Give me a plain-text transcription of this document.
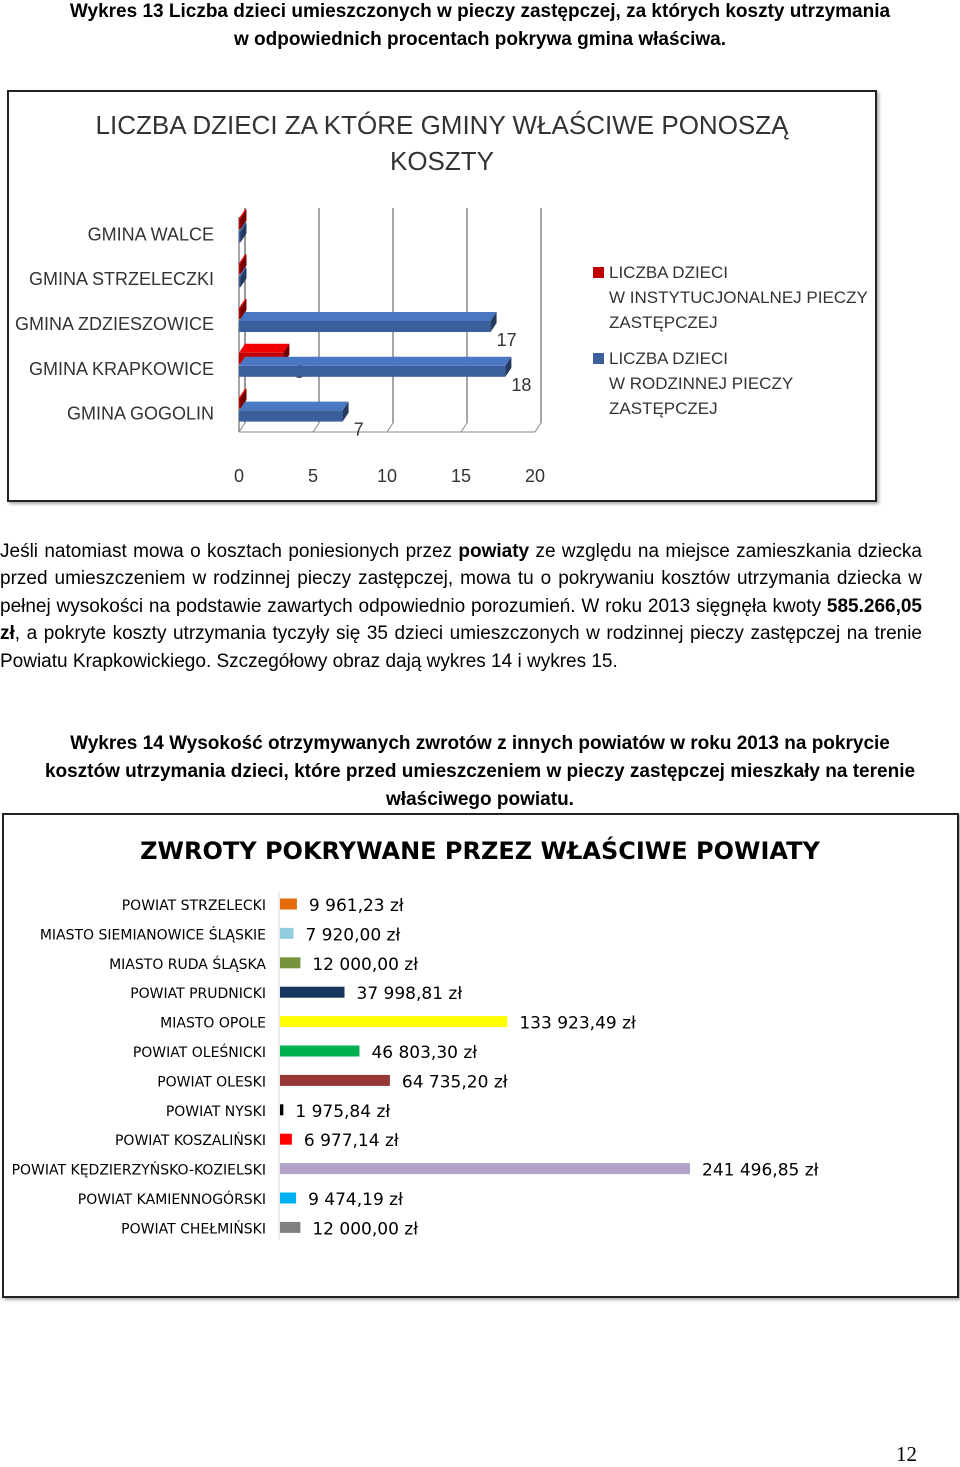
Wykres 13 Liczba dzieci umieszczonych w pieczy zastępczej, za których koszty utrzymania
w odpowiednich procentach pokrywa gmina właściwa.
LICZBA DZIECI ZA KTÓRE GMINY WŁAŚCIWE PONOSZĄ
KOSZTY
0	5	10	15	20
GMINA WALCE
GMINA STRZELECZKI
GMINA ZDZIESZOWICE
17
GMINA KRAPKOWICE
18
GMINA GOGOLIN
7
LICZBA DZIECI
W INSTYTUCJONALNEJ PIECZY
ZASTĘPCZEJ
LICZBA DZIECI
W RODZINNEJ PIECZY
ZASTĘPCZEJ
Jeśli natomiast mowa o kosztach poniesionych przez powiaty ze względu na miejsce zamieszkania dziecka przed umieszczeniem w rodzinnej pieczy zastępczej, mowa tu o pokrywaniu kosztów utrzymania dziecka w pełnej wysokości na podstawie zawartych odpowiednio porozumień. W roku 2013 sięgnęła kwoty 585.266,05 zł, a pokryte koszty utrzymania tyczyły się 35 dzieci umieszczonych w rodzinnej pieczy zastępczej na trenie Powiatu Krapkowickiego. Szczegółowy obraz dają wykres 14 i wykres 15.
Wykres 14 Wysokość otrzymywanych zwrotów z innych powiatów w roku 2013 na pokrycie
kosztów utrzymania dzieci, które przed umieszczeniem w pieczy zastępczej mieszkały na terenie
właściwego powiatu.
ZWROTY POKRYWANE PRZEZ WŁAŚCIWE POWIATY
POWIAT STRZELECKI	9 961,23 zł
MIASTO SIEMIANOWICE ŚLĄSKIE 7 920,00 zł
MIASTO RUDA ŚLĄSKA	12 000,00 zł
POWIAT PRUDNICKI	37 998,81 zł
MIASTO OPOLE	133 923,49 zł
POWIAT OLEŚNICKI	46 803,30 zł
POWIAT OLESKI	64 735,20 zł
POWIAT NYSKI 1 975,84 zł
POWIAT KOSZALIŃSKI 6 977,14 zł
POWIAT KĘDZIERZYŃSKO-KOZIELSKI	241 496,85 zł
POWIAT KAMIENNOGÓRSKI 9 474,19 zł
POWIAT CHEŁMIŃSKI	12 000,00 zł
12
